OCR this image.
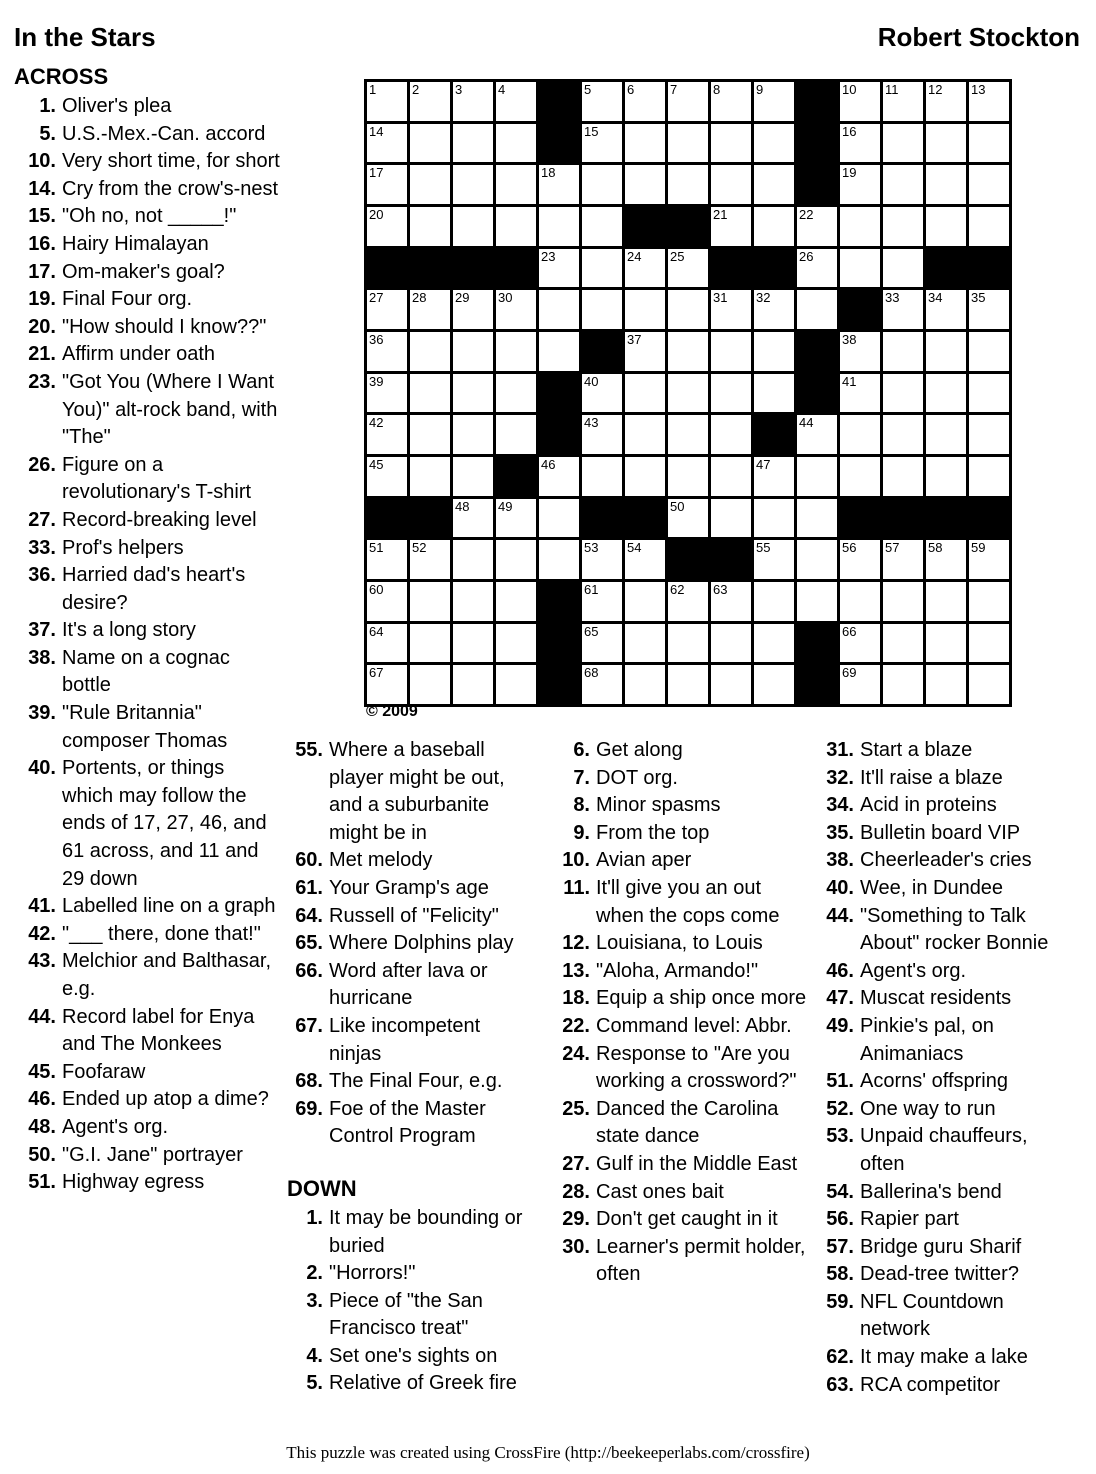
In the Stars	Robert Stockton
ACROSS
1. Oliver's plea
5. U.S.-Mex.-Can. accord
10. Very short time, for short
14. Cry from the crow's-nest
15. "Oh no, not _____!"
16. Hairy Himalayan
17. Om-maker's goal?
19. Final Four org.
20. "How should I know??"
21. Affirm under oath
23. "Got You (Where I Want You)" alt-rock band, with "The"
26. Figure on a revolutionary's T-shirt
27. Record-breaking level
33. Prof's helpers
36. Harried dad's heart's desire?
37. It's a long story
38. Name on a cognac bottle
39. "Rule Britannia" composer Thomas
40. Portents, or things which may follow the ends of 17, 27, 46, and 61 across, and 11 and 29 down
41. Labelled line on a graph
42. "___ there, done that!"
43. Melchior and Balthasar, e.g.
44. Record label for Enya and The Monkees
45. Foofaraw
46. Ended up atop a dime?
48. Agent's org.
50. "G.I. Jane" portrayer
51. Highway egress
1	2	3	4	5	6	7	8	9	10 11 12 13
14	15	16
17	18	19
20	21	22
23	24 25	26
27 28 29 30	31 32	33 34 35
36	37	38
39	40	41
42	43	44
45	46	47
48 49	50
51 52	53 54	55	56 57 58 59
60	61	62 63
64	65	66
67	68	69
© 2009
55. Where a baseball player might be out, and a suburbanite might be in
60. Met melody
61. Your Gramp's age
64. Russell of "Felicity"
65. Where Dolphins play
66. Word after lava or hurricane
67. Like incompetent ninjas
68. The Final Four, e.g.
69. Foe of the Master Control Program
DOWN
1. It may be bounding or buried
2. "Horrors!"
3. Piece of "the San Francisco treat"
4. Set one's sights on
5. Relative of Greek fire
6. Get along
7. DOT org.
8. Minor spasms
9. From the top
10. Avian aper
11. It'll give you an out when the cops come
12. Louisiana, to Louis
13. "Aloha, Armando!"
18. Equip a ship once more
22. Command level: Abbr.
24. Response to "Are you working a crossword?"
25. Danced the Carolina state dance
27. Gulf in the Middle East
28. Cast ones bait
29. Don't get caught in it
30. Learner's permit holder, often
31. Start a blaze
32. It'll raise a blaze
34. Acid in proteins
35. Bulletin board VIP
38. Cheerleader's cries
40. Wee, in Dundee
44. "Something to Talk About" rocker Bonnie
46. Agent's org.
47. Muscat residents
49. Pinkie's pal, on Animaniacs
51. Acorns' offspring
52. One way to run
53. Unpaid chauffeurs, often
54. Ballerina's bend
56. Rapier part
57. Bridge guru Sharif
58. Dead-tree twitter?
59. NFL Countdown network
62. It may make a lake
63. RCA competitor
This puzzle was created using CrossFire (http://beekeeperlabs.com/crossfire)
